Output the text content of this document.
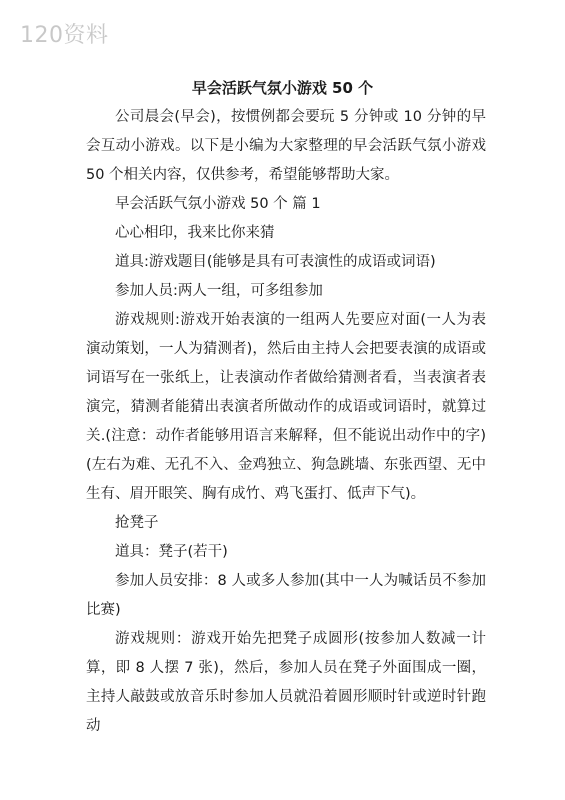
120资料
早会活跃气氛小游戏 50 个

公司晨会(早会)，按惯例都会要玩 5 分钟或 10 分钟的早会互动小游戏。以下是小编为大家整理的早会活跃气氛小游戏 50 个相关内容，仅供参考，希望能够帮助大家。

早会活跃气氛小游戏 50 个 篇 1

心心相印，我来比你来猜

道具:游戏题目(能够是具有可表演性的成语或词语)

参加人员:两人一组，可多组参加

游戏规则:游戏开始表演的一组两人先要应对面(一人为表演动策划，一人为猜测者)，然后由主持人会把要表演的成语或词语写在一张纸上，让表演动作者做给猜测者看，当表演者表演完，猜测者能猜出表演者所做动作的成语或词语时，就算过关.(注意：动作者能够用语言来解释，但不能说出动作中的字)(左右为难、无孔不入、金鸡独立、狗急跳墙、东张西望、无中生有、眉开眼笑、胸有成竹、鸡飞蛋打、低声下气)。

抢凳子

道具：凳子(若干)

参加人员安排：8 人或多人参加(其中一人为喊话员不参加比赛)

游戏规则：游戏开始先把凳子成圆形(按参加人数减一计算，即 8 人摆 7 张)，然后，参加人员在凳子外面围成一圈，主持人敲鼓或放音乐时参加人员就沿着圆形顺时针或逆时针跑动
